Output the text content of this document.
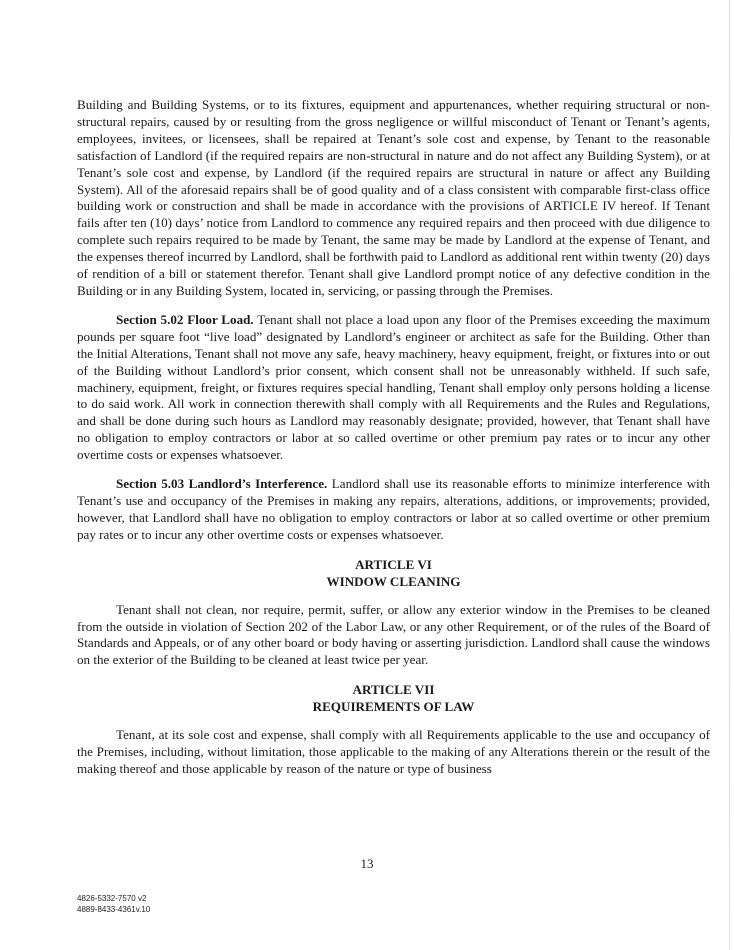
Building and Building Systems, or to its fixtures, equipment and appurtenances, whether requiring structural or non-structural repairs, caused by or resulting from the gross negligence or willful misconduct of Tenant or Tenant’s agents, employees, invitees, or licensees, shall be repaired at Tenant’s sole cost and expense, by Tenant to the reasonable satisfaction of Landlord (if the required repairs are non-structural in nature and do not affect any Building System), or at Tenant’s sole cost and expense, by Landlord (if the required repairs are structural in nature or affect any Building System). All of the aforesaid repairs shall be of good quality and of a class consistent with comparable first-class office building work or construction and shall be made in accordance with the provisions of ARTICLE IV hereof. If Tenant fails after ten (10) days’ notice from Landlord to commence any required repairs and then proceed with due diligence to complete such repairs required to be made by Tenant, the same may be made by Landlord at the expense of Tenant, and the expenses thereof incurred by Landlord, shall be forthwith paid to Landlord as additional rent within twenty (20) days of rendition of a bill or statement therefor. Tenant shall give Landlord prompt notice of any defective condition in the Building or in any Building System, located in, servicing, or passing through the Premises.

Section 5.02 Floor Load. Tenant shall not place a load upon any floor of the Premises exceeding the maximum pounds per square foot “live load” designated by Landlord’s engineer or architect as safe for the Building. Other than the Initial Alterations, Tenant shall not move any safe, heavy machinery, heavy equipment, freight, or fixtures into or out of the Building without Landlord’s prior consent, which consent shall not be unreasonably withheld. If such safe, machinery, equipment, freight, or fixtures requires special handling, Tenant shall employ only persons holding a license to do said work. All work in connection therewith shall comply with all Requirements and the Rules and Regulations, and shall be done during such hours as Landlord may reasonably designate; provided, however, that Tenant shall have no obligation to employ contractors or labor at so called overtime or other premium pay rates or to incur any other overtime costs or expenses whatsoever.

Section 5.03 Landlord’s Interference. Landlord shall use its reasonable efforts to minimize interference with Tenant’s use and occupancy of the Premises in making any repairs, alterations, additions, or improvements; provided, however, that Landlord shall have no obligation to employ contractors or labor at so called overtime or other premium pay rates or to incur any other overtime costs or expenses whatsoever.

ARTICLE VI
WINDOW CLEANING

Tenant shall not clean, nor require, permit, suffer, or allow any exterior window in the Premises to be cleaned from the outside in violation of Section 202 of the Labor Law, or any other Requirement, or of the rules of the Board of Standards and Appeals, or of any other board or body having or asserting jurisdiction. Landlord shall cause the windows on the exterior of the Building to be cleaned at least twice per year.

ARTICLE VII
REQUIREMENTS OF LAW

Tenant, at its sole cost and expense, shall comply with all Requirements applicable to the use and occupancy of the Premises, including, without limitation, those applicable to the making of any Alterations therein or the result of the making thereof and those applicable by reason of the nature or type of business

13
4826-5332-7570 v2
4889-8433-4361v.10
